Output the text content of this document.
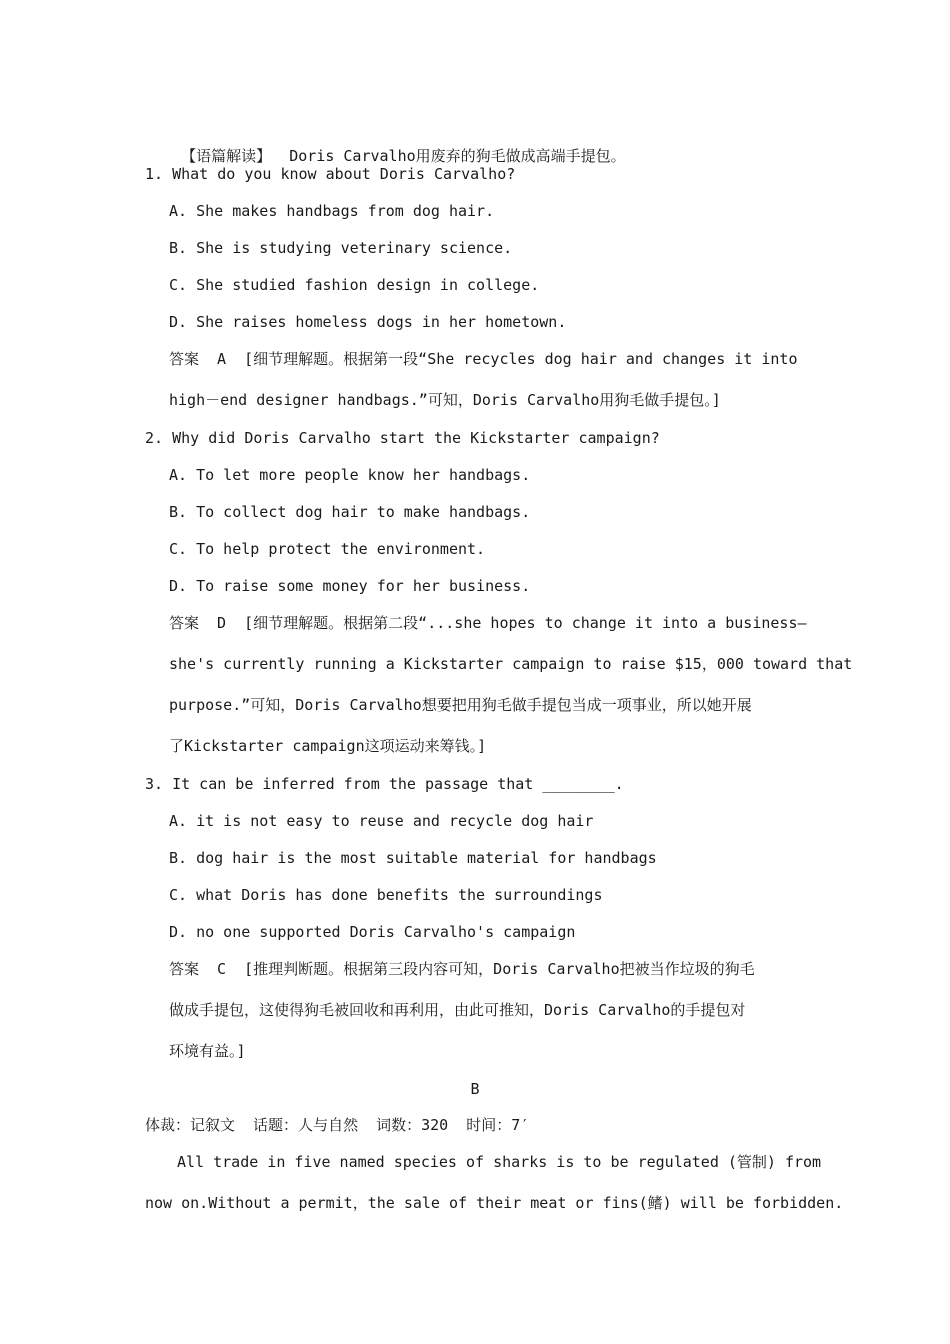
【语篇解读】  Doris Carvalho用废弃的狗毛做成高端手提包。

1. What do you know about Doris Carvalho?
A. She makes handbags from dog hair.
B. She is studying veterinary science.
C. She studied fashion design in college.
D. She raises homeless dogs in her hometown.
答案  A  [细节理解题。根据第一段“She recycles dog hair and changes it into
high－end designer handbags.”可知，Doris Carvalho用狗毛做手提包。]
2. Why did Doris Carvalho start the Kickstarter campaign?
A. To let more people know her handbags.
B. To collect dog hair to make handbags.
C. To help protect the environment.
D. To raise some money for her business.
答案  D  [细节理解题。根据第二段“...she hopes to change it into a business—
she's currently running a Kickstarter campaign to raise $15，000 toward that
purpose.”可知，Doris Carvalho想要把用狗毛做手提包当成一项事业，所以她开展
了Kickstarter campaign这项运动来筹钱。]
3. It can be inferred from the passage that ________.
A. it is not easy to reuse and recycle dog hair
B. dog hair is the most suitable material for handbags
C. what Doris has done benefits the surroundings
D. no one supported Doris Carvalho's campaign
答案  C  [推理判断题。根据第三段内容可知，Doris Carvalho把被当作垃圾的狗毛
做成手提包，这使得狗毛被回收和再利用，由此可推知，Doris Carvalho的手提包对
环境有益。]
B
体裁：记叙文  话题：人与自然  词数：320  时间：7′
All trade in five named species of sharks is to be regulated (管制) from
now on.Without a permit，the sale of their meat or fins(鳍) will be forbidden.
